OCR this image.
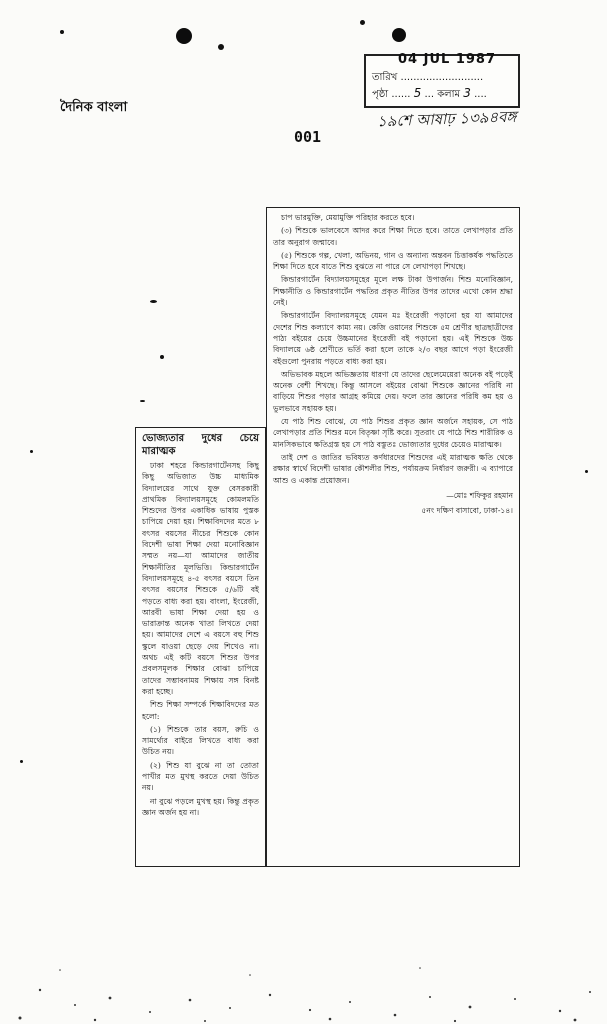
দৈনিক বাংলা
04 JUL 1987
তারিখ ..........................
পৃষ্ঠা ...... 5 ... কলাম 3 ....
১৯শে আষাঢ় ১৩৯৪বঙ্গ
001

ভোজ্যতার দুধের চেয়ে মারাত্মক

ঢাকা শহরে কিন্ডারগার্টেনসহ কিছু কিছু অভিজাত উচ্চ মাধ্যমিক বিদ্যালয়ের সাথে যুক্ত বেসরকারী প্রাথমিক বিদ্যালয়সমূহে কোমলমতি শিশুদের উপর একাধিক ভাষায় পুস্তক চাপিয়ে দেয়া হয়। শিক্ষাবিদদের মতে ৮ বৎসর বয়সের নীচের শিশুকে কোন বিদেশী ভাষা শিক্ষা দেয়া মনোবিজ্ঞান সম্মত নয়—যা আমাদের জাতীয় শিক্ষানীতির মূলভিত্তি। কিন্ডারগার্টেন বিদ্যালয়সমূহে ৪-৫ বৎসর বয়সে তিন বৎসর বয়সের শিশুকে ৫/৬টি বই পড়তে বাধ্য করা হয়। বাংলা, ইংরেজী, আরবী ভাষা শিক্ষা দেয়া হয় ও ভারাক্রান্ত অনেক খাতা লিখতে দেয়া হয়। আমাদের দেশে এ বয়সে বহু শিশু স্কুলে যাওয়া ছেড়ে দেয় শিখেও না। অথচ এই কটি বয়সে শিশুর উপর প্রবলসমূলক শিক্ষার বোঝা চাপিয়ে তাদের সম্ভাবনাময় শিক্ষায় সঙ্গ বিনষ্ট করা হচ্ছে।

শিশু শিক্ষা সম্পর্কে শিক্ষাবিদদের মত হলো:

(১) শিশুকে তার বয়স, রুচি ও সামর্থ্যের বাইরে লিখতে বাধ্য করা উচিত নয়।

(২) শিশু যা বুঝে না তা তোতা পাখীর মত মুখস্থ করতে দেয়া উচিত নয়।

না বুঝে পড়লে মুখস্থ হয়। কিন্তু প্রকৃত জ্ঞান অর্জন হয় না।

চাপ ভারমুক্তি, মেয়ামুক্তি পরিহার করতে হবে।

(৩) শিশুকে ভালবেসে আদর করে শিক্ষা দিতে হবে। তাতে লেখাপড়ার প্রতি তার অনুরাগ জন্মাবে।

(৫) শিশুকে গল্প, খেলা, অভিনয়, গান ও অন্যান্য অন্তবন চিত্তাকর্ষক পদ্ধতিতে শিক্ষা দিতে হবে যাতে শিশু বুঝতে না পারে সে লেখাপড়া শিখছে।

কিন্ডারগার্টেন বিদ্যালয়সমূহের মূলে লক্ষ টাকা উপার্জন। শিশু মনোবিজ্ঞান, শিক্ষানীতি ও কিন্ডারগার্টেন পদ্ধতির প্রকৃত নীতির উপর তাদের এখো কোন শ্রদ্ধা নেই।

কিন্ডারগার্টেন বিদ্যালয়সমূহে যেমন মঃ ইংরেজী পড়ানো হয় যা আমাদের দেশের শিশু কল্যাণে কাম্য নয়। কেজি ওয়ানের শিশুকে ৫ম শ্রেণীর ছাত্রছাত্রীদের পাঠ্য বইয়ের চেয়ে উচ্চমানের ইংরেজী বই পড়ানো হয়। এই শিশুকে উচ্চ বিদ্যালয়ে ৬ষ্ঠ শ্রেণীতে ভর্তি করা হলে তাকে ২/৩ বছর আগে পড়া ইংরেজী বইগুলো পুনরায় পড়তে বাধ্য করা হয়।

অভিভাবক মহলে অভিজ্ঞতায় ধারণা যে তাদের ছেলেমেয়েরা অনেক বই পড়েই অনেক বেশী শিখছে। কিন্তু আসলে বইয়ের বোঝা শিশুকে জ্ঞানের পরিধি না বাড়িয়ে শিশুর পড়ার আগ্রহ কমিয়ে দেয়। ফলে তার জ্ঞানের পরিধি কম হয় ও ভুলভাবে সহায়ক হয়।

যে পাঠ শিশু বোঝে, যে পাঠ শিশুর প্রকৃত জ্ঞান অর্জনে সহায়ক, সে পাঠ লেখাপড়ার প্রতি শিশুর মনে বিতৃষ্ণা সৃষ্টি করে। সুতরাং যে পাঠে শিশু শারীরিক ও মানসিকভাবে ক্ষতিগ্রস্ত হয় সে পাঠ বস্তুতঃ ভোজ্যতার দুধের চেয়েও মারাত্মক।

তাই দেশ ও জাতির ভবিষ্যত কর্ণধারদের শিশুদের এই মারাত্মক ক্ষতি থেকে রক্ষার স্বার্থে বিদেশী ভাষার কৌশলীর শিশু, পর্যায়ক্রম নির্ধারণ জরুরী। এ ব্যাপারে আশু ও একান্ত প্রয়োজন।

—মোঃ শফিকুর রহমান

৫নং দক্ষিণ বাসাবো, ঢাকা-১৪।
